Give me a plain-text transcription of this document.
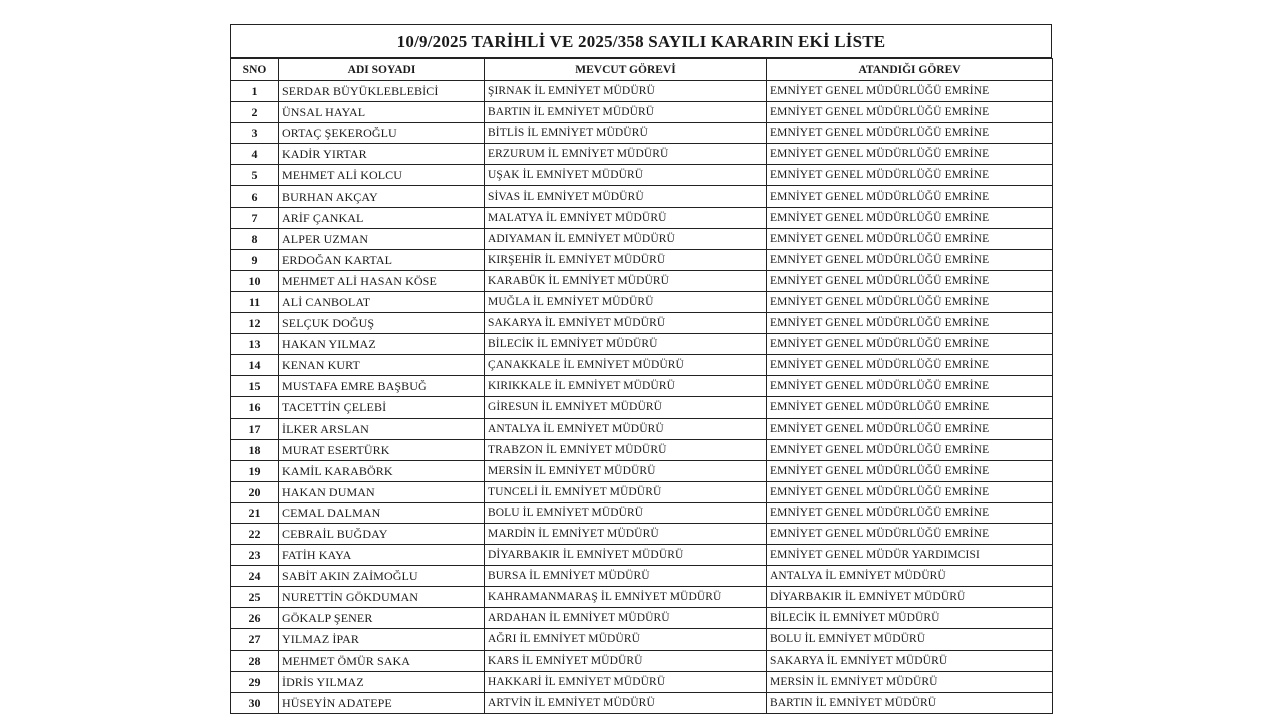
10/9/2025 TARİHLİ VE 2025/358 SAYILI KARARIN EKİ LİSTE
SNO	ADI SOYADI	MEVCUT GÖREVİ	ATANDIĞI GÖREV
1	SERDAR BÜYÜKLEBLEBİCİ	ŞIRNAK İL EMNİYET MÜDÜRÜ	EMNİYET GENEL MÜDÜRLÜĞÜ EMRİNE
2	ÜNSAL HAYAL	BARTIN İL EMNİYET MÜDÜRÜ	EMNİYET GENEL MÜDÜRLÜĞÜ EMRİNE
3	ORTAÇ ŞEKEROĞLU	BİTLİS İL EMNİYET MÜDÜRÜ	EMNİYET GENEL MÜDÜRLÜĞÜ EMRİNE
4	KADİR YIRTAR	ERZURUM İL EMNİYET MÜDÜRÜ	EMNİYET GENEL MÜDÜRLÜĞÜ EMRİNE
5	MEHMET ALİ KOLCU	UŞAK İL EMNİYET MÜDÜRÜ	EMNİYET GENEL MÜDÜRLÜĞÜ EMRİNE
6	BURHAN AKÇAY	SİVAS İL EMNİYET MÜDÜRÜ	EMNİYET GENEL MÜDÜRLÜĞÜ EMRİNE
7	ARİF ÇANKAL	MALATYA İL EMNİYET MÜDÜRÜ	EMNİYET GENEL MÜDÜRLÜĞÜ EMRİNE
8	ALPER UZMAN	ADIYAMAN İL EMNİYET MÜDÜRÜ	EMNİYET GENEL MÜDÜRLÜĞÜ EMRİNE
9	ERDOĞAN KARTAL	KIRŞEHİR İL EMNİYET MÜDÜRÜ	EMNİYET GENEL MÜDÜRLÜĞÜ EMRİNE
10	MEHMET ALİ HASAN KÖSE	KARABÜK İL EMNİYET MÜDÜRÜ	EMNİYET GENEL MÜDÜRLÜĞÜ EMRİNE
11	ALİ CANBOLAT	MUĞLA İL EMNİYET MÜDÜRÜ	EMNİYET GENEL MÜDÜRLÜĞÜ EMRİNE
12	SELÇUK DOĞUŞ	SAKARYA İL EMNİYET MÜDÜRÜ	EMNİYET GENEL MÜDÜRLÜĞÜ EMRİNE
13	HAKAN YILMAZ	BİLECİK İL EMNİYET MÜDÜRÜ	EMNİYET GENEL MÜDÜRLÜĞÜ EMRİNE
14	KENAN KURT	ÇANAKKALE İL EMNİYET MÜDÜRÜ	EMNİYET GENEL MÜDÜRLÜĞÜ EMRİNE
15	MUSTAFA EMRE BAŞBUĞ	KIRIKKALE İL EMNİYET MÜDÜRÜ	EMNİYET GENEL MÜDÜRLÜĞÜ EMRİNE
16	TACETTİN ÇELEBİ	GİRESUN İL EMNİYET MÜDÜRÜ	EMNİYET GENEL MÜDÜRLÜĞÜ EMRİNE
17	İLKER ARSLAN	ANTALYA İL EMNİYET MÜDÜRÜ	EMNİYET GENEL MÜDÜRLÜĞÜ EMRİNE
18	MURAT ESERTÜRK	TRABZON İL EMNİYET MÜDÜRÜ	EMNİYET GENEL MÜDÜRLÜĞÜ EMRİNE
19	KAMİL KARABÖRK	MERSİN İL EMNİYET MÜDÜRÜ	EMNİYET GENEL MÜDÜRLÜĞÜ EMRİNE
20	HAKAN DUMAN	TUNCELİ İL EMNİYET MÜDÜRÜ	EMNİYET GENEL MÜDÜRLÜĞÜ EMRİNE
21	CEMAL DALMAN	BOLU İL EMNİYET MÜDÜRÜ	EMNİYET GENEL MÜDÜRLÜĞÜ EMRİNE
22	CEBRAİL BUĞDAY	MARDİN İL EMNİYET MÜDÜRÜ	EMNİYET GENEL MÜDÜRLÜĞÜ EMRİNE
23	FATİH KAYA	DİYARBAKIR İL EMNİYET MÜDÜRÜ	EMNİYET GENEL MÜDÜR YARDIMCISI
24	SABİT AKIN ZAİMOĞLU	BURSA İL EMNİYET MÜDÜRÜ	ANTALYA İL EMNİYET MÜDÜRÜ
25	NURETTİN GÖKDUMAN	KAHRAMANMARAŞ İL EMNİYET MÜDÜRÜ	DİYARBAKIR İL EMNİYET MÜDÜRÜ
26	GÖKALP ŞENER	ARDAHAN İL EMNİYET MÜDÜRÜ	BİLECİK İL EMNİYET MÜDÜRÜ
27	YILMAZ İPAR	AĞRI İL EMNİYET MÜDÜRÜ	BOLU İL EMNİYET MÜDÜRÜ
28	MEHMET ÖMÜR SAKA	KARS İL EMNİYET MÜDÜRÜ	SAKARYA İL EMNİYET MÜDÜRÜ
29	İDRİS YILMAZ	HAKKARİ İL EMNİYET MÜDÜRÜ	MERSİN İL EMNİYET MÜDÜRÜ
30	HÜSEYİN ADATEPE	ARTVİN İL EMNİYET MÜDÜRÜ	BARTIN İL EMNİYET MÜDÜRÜ
